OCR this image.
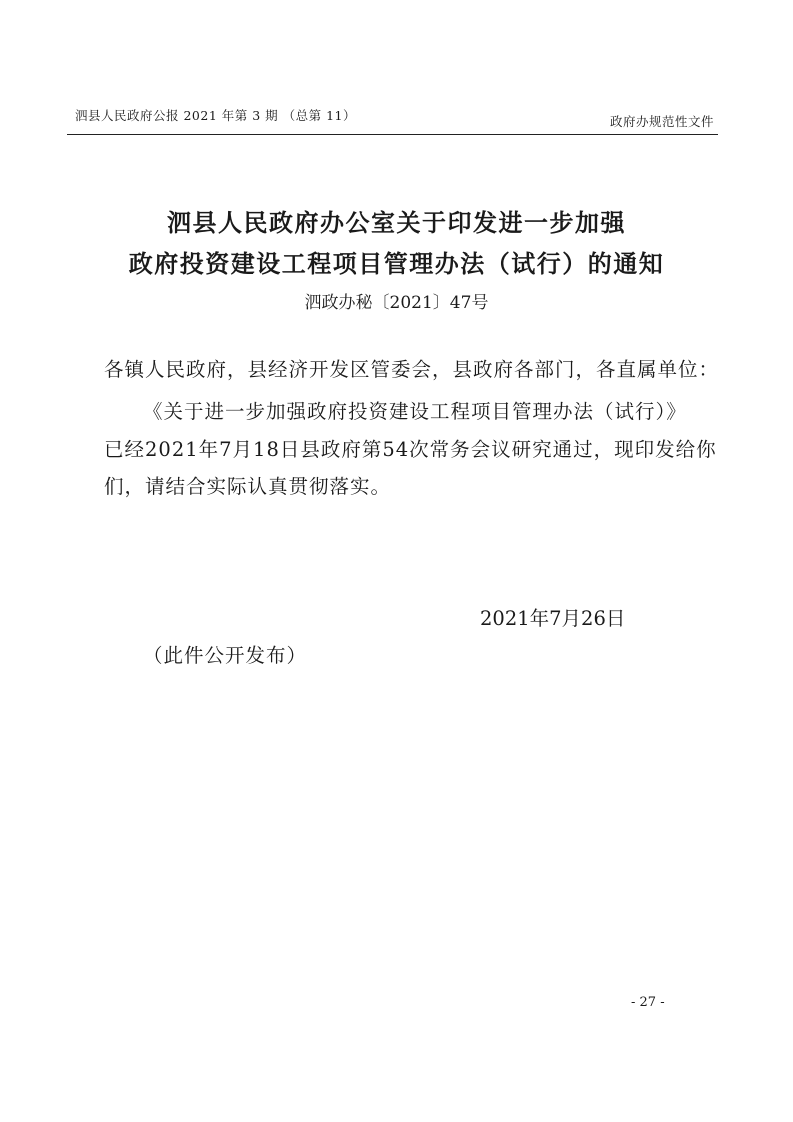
泗县人民政府公报 2021 年第 3 期 （总第 11）	政府办规范性文件
泗县人民政府办公室关于印发进一步加强
政府投资建设工程项目管理办法（试行）的通知
泗政办秘〔2021〕47号
各镇人民政府，县经济开发区管委会，县政府各部门，各直属单位：
《关于进一步加强政府投资建设工程项目管理办法（试行）》
已经2021年7月18日县政府第54次常务会议研究通过，现印发给你
们，请结合实际认真贯彻落实。
2021年7月26日
（此件公开发布）
- 27 -
